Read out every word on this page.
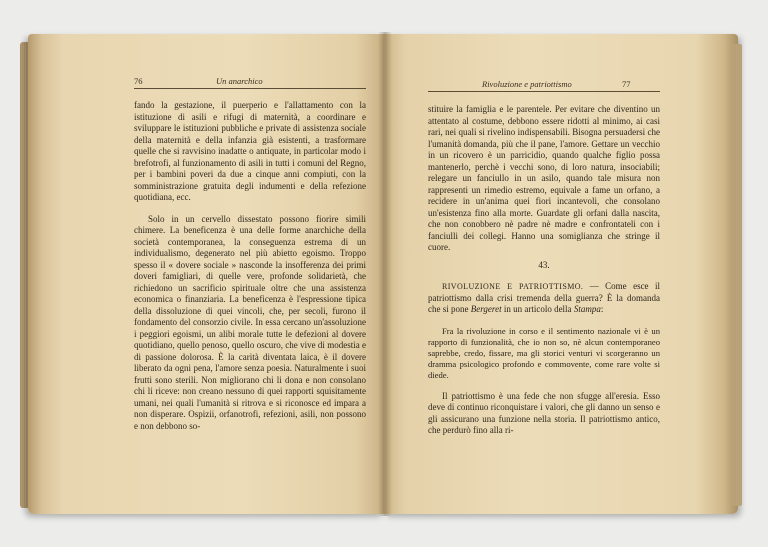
76	Un anarchico

fando la gestazione, il puerperio e l'allattamento con la istituzione di asili e rifugi di maternità, a coordinare e sviluppare le istituzioni pubbliche e private di assistenza sociale della maternità e della infanzia già esistenti, a trasformare quelle che si ravvisino inadatte o antiquate, in particolar modo i brefotrofi, al funzionamento di asili in tutti i comuni del Regno, per i bambini poveri da due a cinque anni compiuti, con la somministrazione gratuita degli indumenti e della refezione quotidiana, ecc.

Solo in un cervello dissestato possono fiorire simili chimere. La beneficenza è una delle forme anarchiche della società contemporanea, la conseguenza estrema di un individualismo, degenerato nel più abietto egoismo. Troppo spesso il « dovere sociale » nasconde la insofferenza dei primi doveri famigliari, di quelle vere, profonde solidarietà, che richiedono un sacrificio spirituale oltre che una assistenza economica o finanziaria. La beneficenza è l'espressione tipica della dissoluzione di quei vincoli, che, per secoli, furono il fondamento del consorzio civile. In essa cercano un'assoluzione i peggiori egoismi, un alibi morale tutte le defezioni al dovere quotidiano, quello penoso, quello oscuro, che vive di modestia e di passione dolorosa. È la carità diventata laica, è il dovere liberato da ogni pena, l'amore senza poesia. Naturalmente i suoi frutti sono sterili. Non migliorano chi li dona e non consolano chi li riceve: non creano nessuno di quei rapporti squisitamente umani, nei quali l'umanità si ritrova e si riconosce ed impara a non disperare. Ospizii, orfanotrofi, refezioni, asili, non possono e non debbono so-

Rivoluzione e patriottismo	77

stituire la famiglia e le parentele. Per evitare che diventino un attentato al costume, debbono essere ridotti al minimo, ai casi rari, nei quali si rivelino indispensabili. Bisogna persuadersi che l'umanità domanda, più che il pane, l'amore. Gettare un vecchio in un ricovero è un parricidio, quando qualche figlio possa mantenerlo, perchè i vecchi sono, di loro natura, insociabili; relegare un fanciullo in un asilo, quando tale misura non rappresenti un rimedio estremo, equivale a fame un orfano, a recidere in un'anima quei fiori incantevoli, che consolano un'esistenza fino alla morte. Guardate gli orfani dalla nascita, che non conobbero nè padre nè madre e confrontateli con i fanciulli dei collegi. Hanno una somiglianza che stringe il cuore.

43.

RIVOLUZIONE E PATRIOTTISMO. — Come esce il patriottismo dalla crisi tremenda della guerra? È la domanda che si pone Bergeret in un articolo della Stampa:

Fra la rivoluzione in corso e il sentimento nazionale vi è un rapporto di funzionalità, che io non so, nè alcun contemporaneo saprebbe, credo, fissare, ma gli storici venturi vi scorgeranno un dramma psicologico profondo e commovente, come rare volte si diede.

Il patriottismo è una fede che non sfugge all'eresia. Esso deve di continuo riconquistare i valori, che gli danno un senso e gli assicurano una funzione nella storia. Il patriottismo antico, che perdurò fino alla ri-
